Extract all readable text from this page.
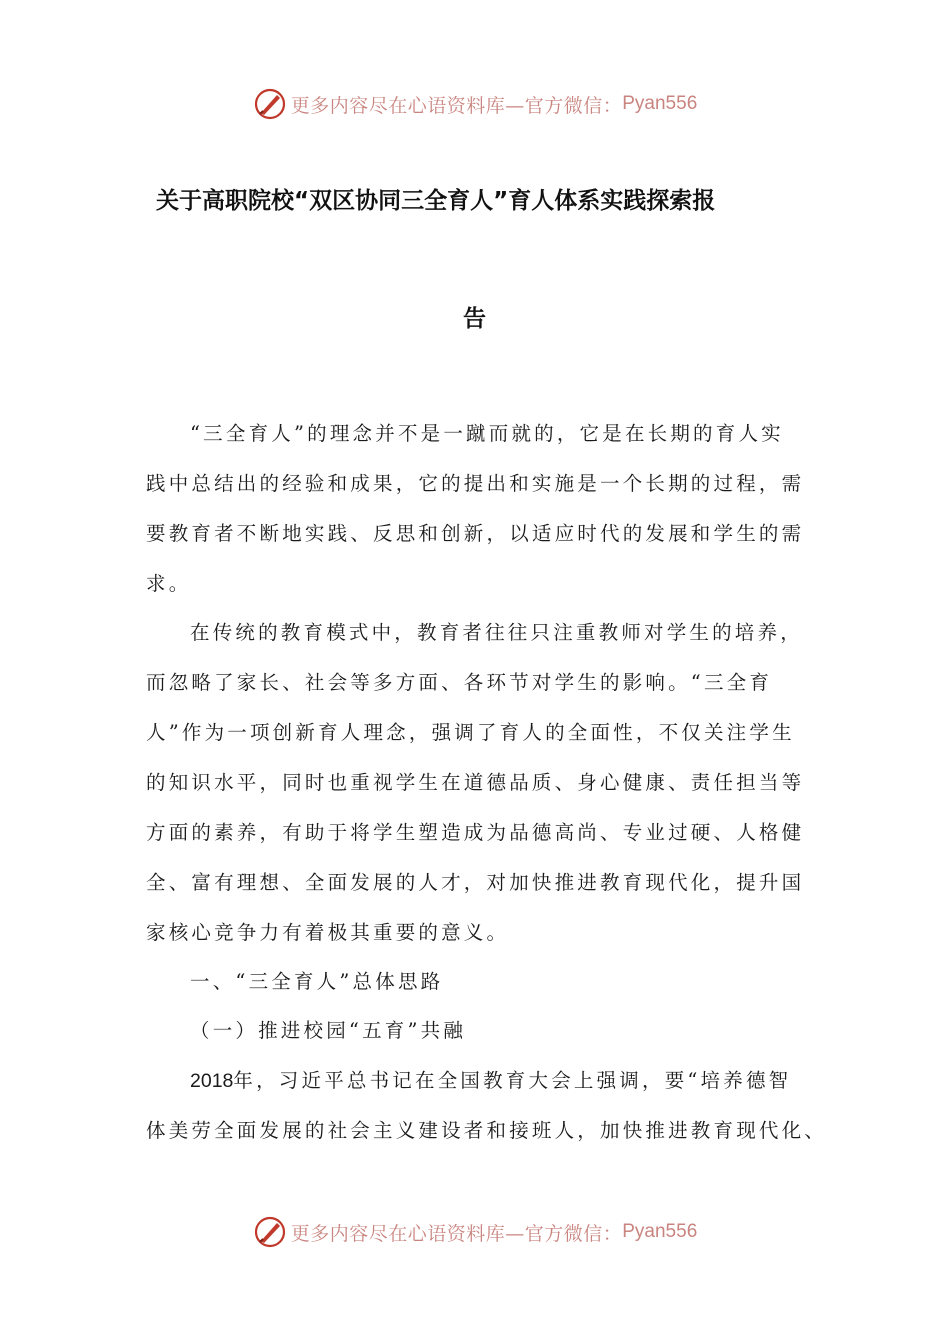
更多内容尽在心语资料库—官方微信： Pyan556
关于高职院校“双区协同三全育人”育人体系实践探索报
告
“三全育人”的理念并不是一蹴而就的，它是在长期的育人实
践中总结出的经验和成果，它的提出和实施是一个长期的过程，需
要教育者不断地实践、反思和创新，以适应时代的发展和学生的需
求。
在传统的教育模式中，教育者往往只注重教师对学生的培养，
而忽略了家长、社会等多方面、各环节对学生的影响。“三全育
人”作为一项创新育人理念，强调了育人的全面性，不仅关注学生
的知识水平，同时也重视学生在道德品质、身心健康、责任担当等
方面的素养，有助于将学生塑造成为品德高尚、专业过硬、人格健
全、富有理想、全面发展的人才，对加快推进教育现代化，提升国
家核心竞争力有着极其重要的意义。
一、“三全育人”总体思路
（一）推进校园“五育”共融
2018年，习近平总书记在全国教育大会上强调，要“培养德智
体美劳全面发展的社会主义建设者和接班人，加快推进教育现代化、
更多内容尽在心语资料库—官方微信： Pyan556
